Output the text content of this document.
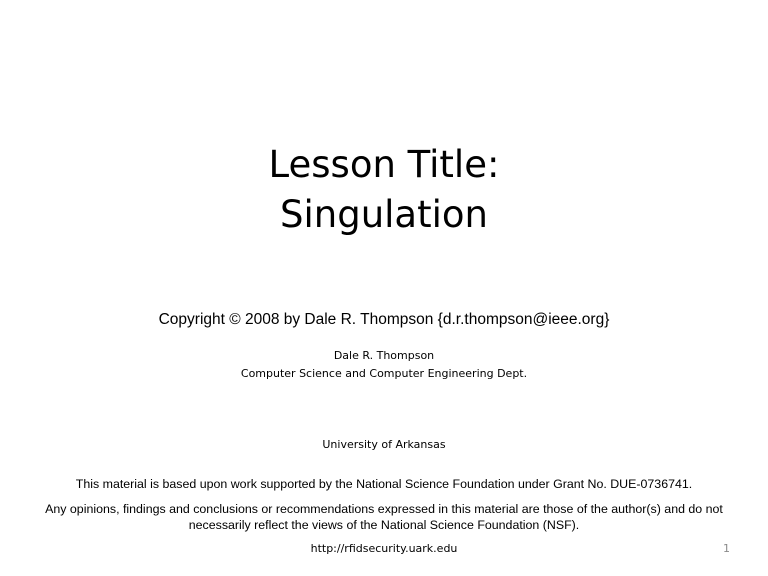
Lesson Title:
Singulation
Copyright © 2008 by Dale R. Thompson {d.r.thompson@ieee.org}
Dale R. Thompson
Computer Science and Computer Engineering Dept.
University of Arkansas
This material is based upon work supported by the National Science Foundation under Grant No. DUE-0736741.
Any opinions, findings and conclusions or recommendations expressed in this material are those of the author(s) and do not necessarily reflect the views of the National Science Foundation (NSF).
http://rfidsecurity.uark.edu	1
